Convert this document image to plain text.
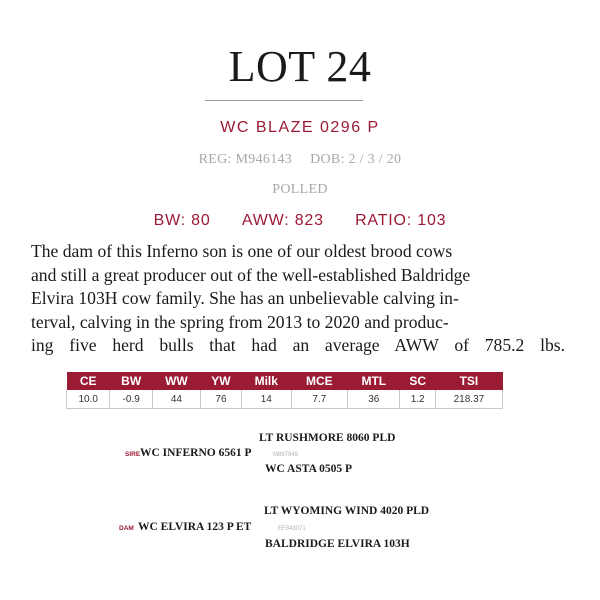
LOT 24
WC BLAZE 0296 P
REG: M946143 DOB: 2 / 3 / 20
POLLED
BW: 80 AWW: 823 RATIO: 103
The dam of this Inferno son is one of our oldest brood cows
and still a great producer out of the well-established Baldridge
Elvira 103H cow family. She has an unbelievable calving in-
terval, calving in the spring from 2013 to 2020 and produc-
ing five herd bulls that had an average AWW of 785.2 lbs.
CE	BW	WW	YW	Milk	MCE	MTL	SC	TSI
10.0	-0.9	44	76	14	7.7	36	1.2	218.37
LT RUSHMORE 8060 PLD
SIRE WC INFERNO 6561 P	M897949
WC ASTA 0505 P
LT WYOMING WIND 4020 PLD
DAM WC ELVIRA 123 P ET	EF843071
BALDRIDGE ELVIRA 103H
